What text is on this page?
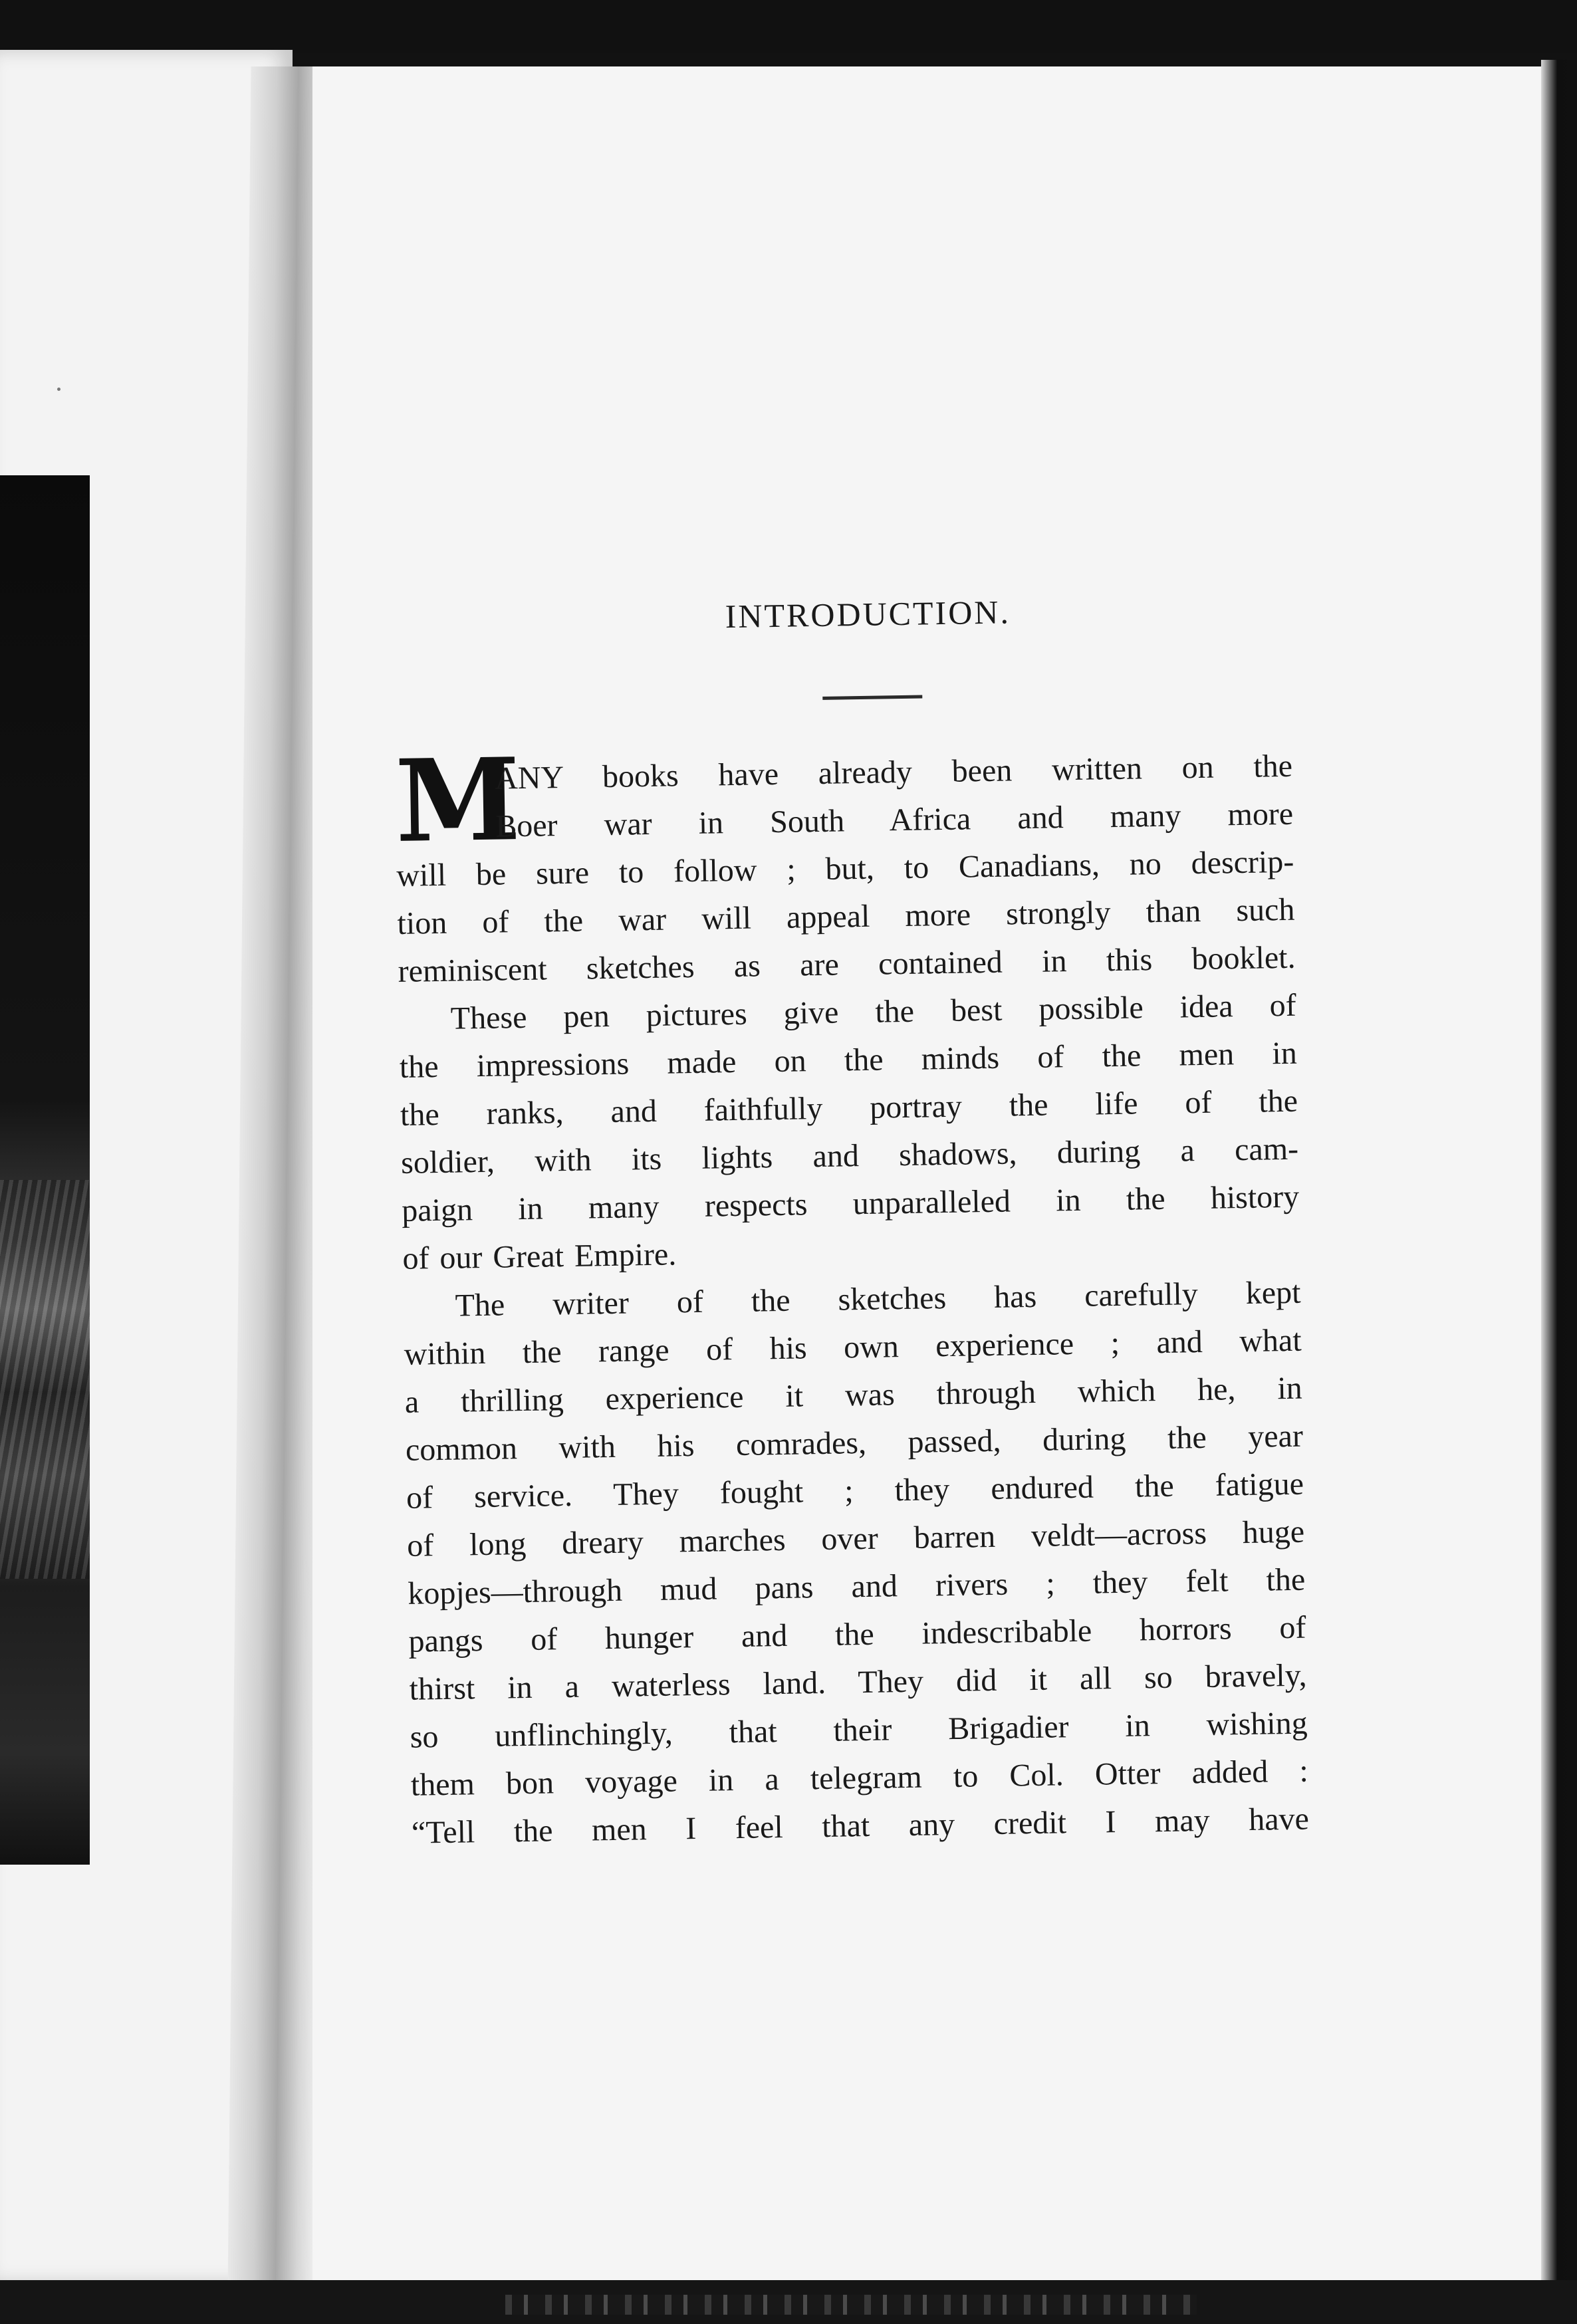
INTRODUCTION.
M
ANY books have already been written on the
Boer war in South Africa and many more
will be sure to follow ; but, to Canadians, no descrip-
tion of the war will appeal more strongly than such
reminiscent sketches as are contained in this booklet.
These pen pictures give the best possible idea of
the impressions made on the minds of the men in
the ranks, and faithfully portray the life of the
soldier, with its lights and shadows, during a cam-
paign in many respects unparalleled in the history
of our Great Empire.
The writer of the sketches has carefully kept
within the range of his own experience ; and what
a thrilling experience it was through which he, in
common with his comrades, passed, during the year
of service. They fought ; they endured the fatigue
of long dreary marches over barren veldt—across huge
kopjes—through mud pans and rivers ; they felt the
pangs of hunger and the indescribable horrors of
thirst in a waterless land. They did it all so bravely,
so unflinchingly, that their Brigadier in wishing
them bon voyage in a telegram to Col. Otter added :
“Tell the men I feel that any credit I may have
